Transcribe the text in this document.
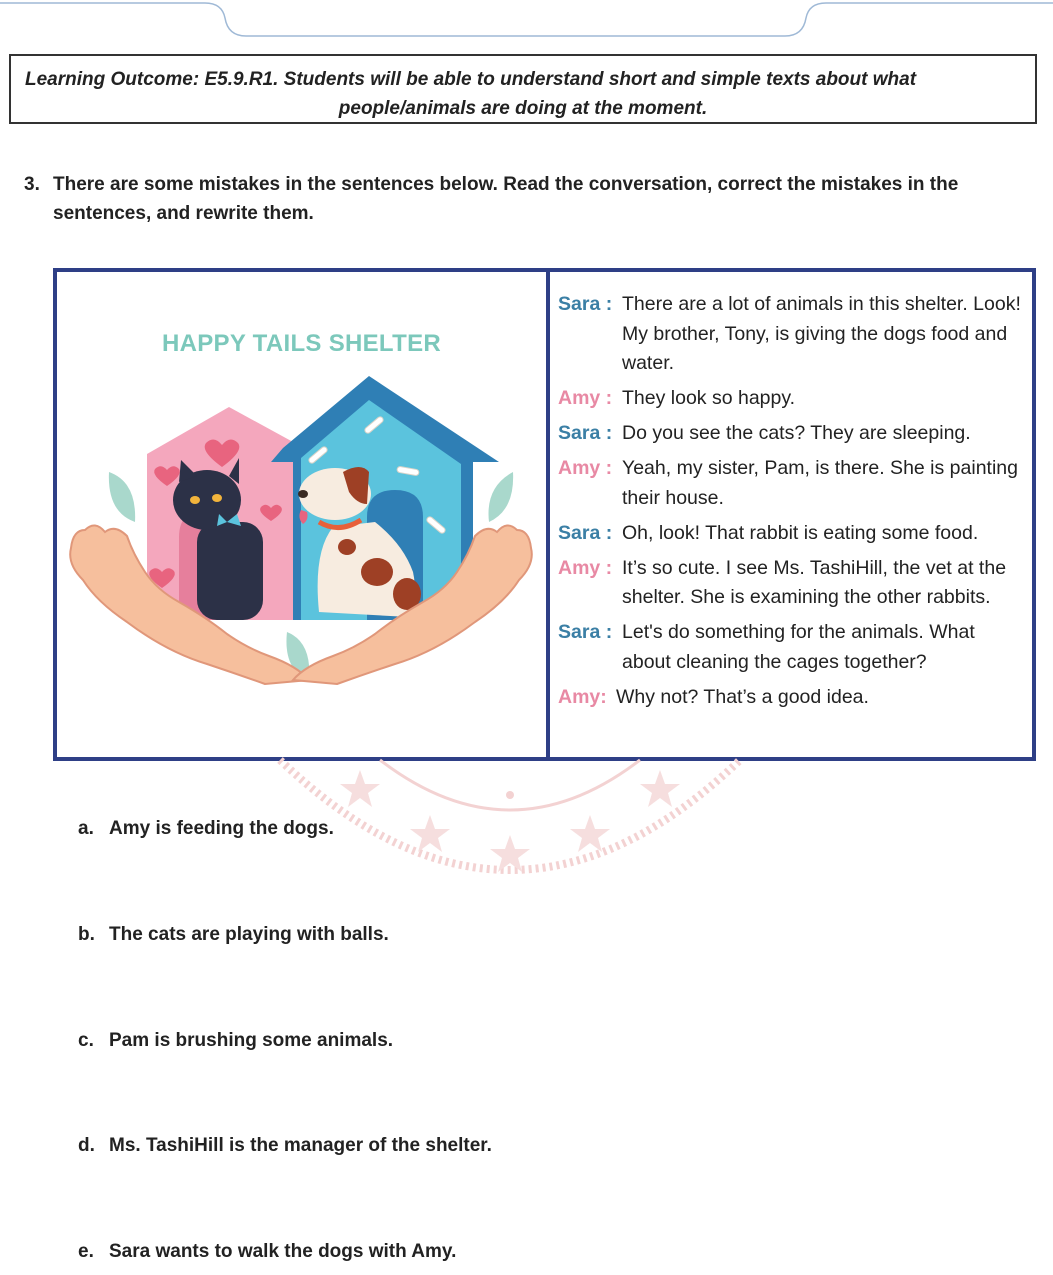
Learning Outcome: E5.9.R1. Students will be able to understand short and simple texts about what
people/animals are doing at the moment.
3. There are some mistakes in the sentences below. Read the conversation, correct the mistakes in the sentences, and rewrite them.
HAPPY TAILS SHELTER
Sara : There are a lot of animals in this shelter. Look! My brother, Tony, is giving the dogs food and water.
Amy : They look so happy.
Sara : Do you see the cats? They are sleeping.
Amy : Yeah, my sister, Pam, is there. She is painting their house.
Sara : Oh, look! That rabbit is eating some food.
Amy : It’s so cute. I see Ms. TashiHill, the vet at the shelter. She is examining the other rabbits.
Sara : Let's do something for the animals. What about cleaning the cages together?
Amy: Why not? That’s a good idea.
a. Amy is feeding the dogs.
b. The cats are playing with balls.
c. Pam is brushing some animals.
d. Ms. TashiHill is the manager of the shelter.
e. Sara wants to walk the dogs with Amy.
